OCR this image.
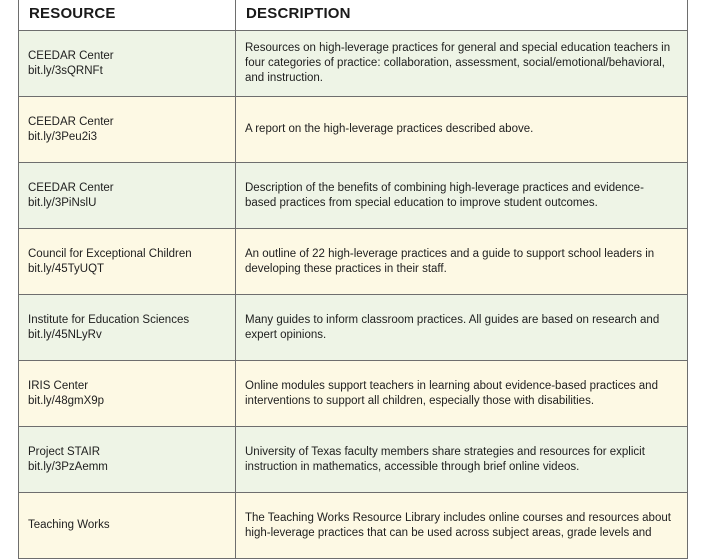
RESOURCE	DESCRIPTION
CEEDAR Center
bit.ly/3sQRNFt
Resources on high-leverage practices for general and special education teachers in four categories of practice: collaboration, assessment, social/emotional/behavioral, and instruction.
CEEDAR Center
bit.ly/3Peu2i3
A report on the high-leverage practices described above.
CEEDAR Center
bit.ly/3PiNslU
Description of the benefits of combining high-leverage practices and evidence-based practices from special education to improve student outcomes.
Council for Exceptional Children
bit.ly/45TyUQT
An outline of 22 high-leverage practices and a guide to support school leaders in developing these practices in their staff.
Institute for Education Sciences
bit.ly/45NLyRv
Many guides to inform classroom practices. All guides are based on research and expert opinions.
IRIS Center
bit.ly/48gmX9p
Online modules support teachers in learning about evidence-based practices and interventions to support all children, especially those with disabilities.
Project STAIR
bit.ly/3PzAemm
University of Texas faculty members share strategies and resources for explicit instruction in mathematics, accessible through brief online videos.
Teaching Works
The Teaching Works Resource Library includes online courses and resources about high-leverage practices that can be used across subject areas, grade levels and
